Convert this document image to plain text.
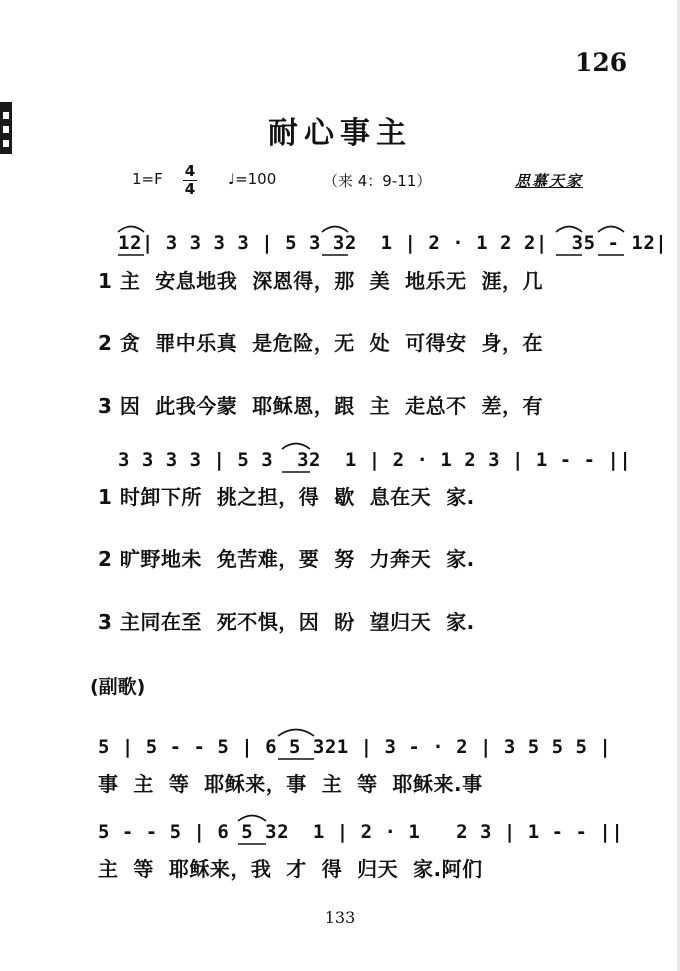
126
耐心事主
1=F 4
4
♩=100	（来 4：9-11）	思慕天家
12| 3 3 3 3 | 5 3 32  1 | 2 · 1 2 2|  35 - 12|
1 主  安息地我  深恩得，那  美  地乐无  涯，几
2 贪  罪中乐真  是危险，无  处  可得安  身，在
3 因  此我今蒙  耶稣恩，跟  主  走总不  差，有
3 3 3 3 | 5 3  32  1 | 2 · 1 2 3 | 1 - - ||
1 时卸下所  挑之担，得  歇  息在天  家.
2 旷野地未  免苦难，要  努  力奔天  家.
3 主同在至  死不惧，因  盼  望归天  家.
(副歌)
5 | 5 - - 5 | 6 5 321 | 3 - · 2 | 3 5 5 5 |
事  主  等  耶稣来，事  主  等  耶稣来.事
5 - - 5 | 6 5 32  1 | 2 · 1   2 3 | 1 - - ||
主  等  耶稣来，我  才  得  归天  家.阿们
133
